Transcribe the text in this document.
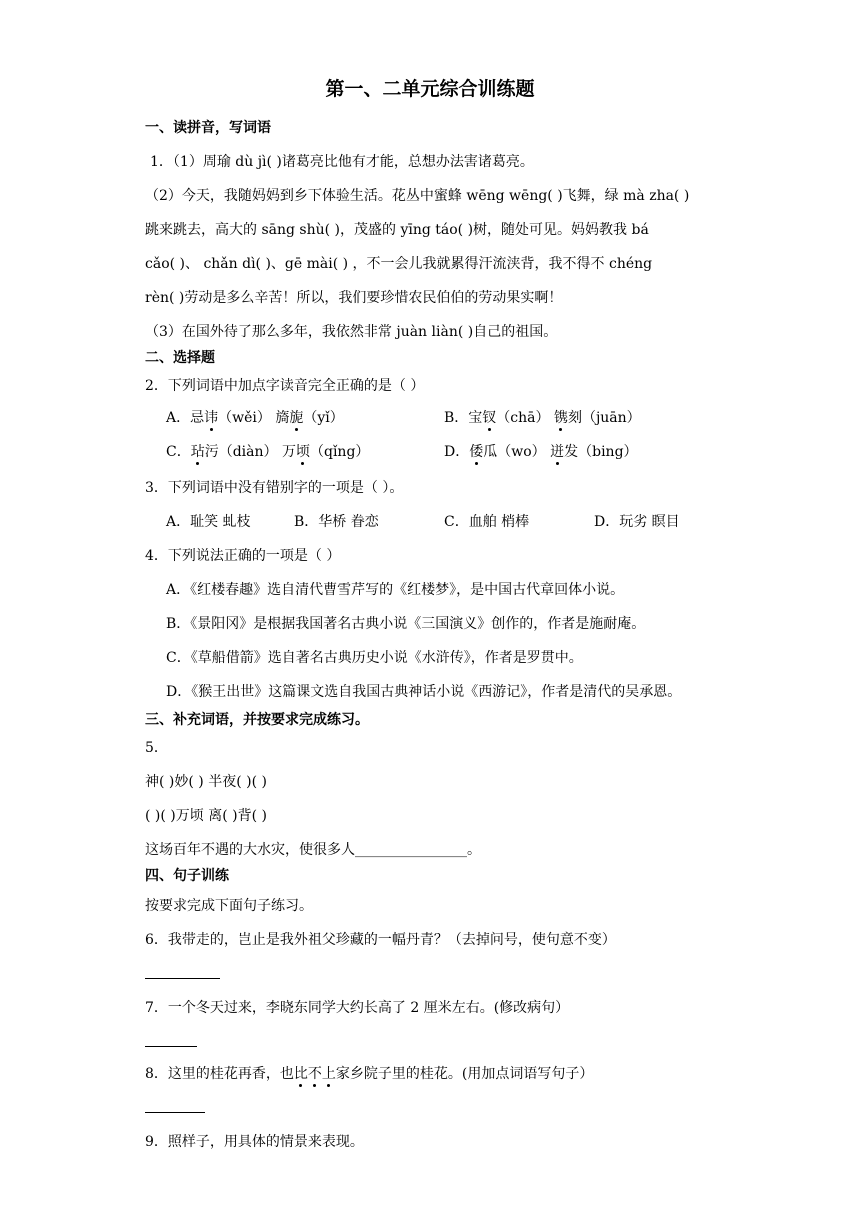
第一、二单元综合训练题
一、读拼音，写词语
1．（1）周瑜 dù jì( )诸葛亮比他有才能，总想办法害诸葛亮。
（2）今天，我随妈妈到乡下体验生活。花丛中蜜蜂 wēng wēng( )飞舞，绿 mà zha( )
跳来跳去，高大的 sāng shù( )，茂盛的 yīng táo( )树，随处可见。妈妈教我 bá
cǎo( )、 chǎn dì( )、gē mài( ) ，不一会儿我就累得汗流浃背，我不得不 chéng
rèn( )劳动是多么辛苦！所以，我们要珍惜农民伯伯的劳动果实啊！
（3）在国外待了那么多年，我依然非常 juàn liàn( )自己的祖国。
二、选择题
2．下列词语中加点字读音完全正确的是（ ）
A．忌讳（wěi） 旖旎（yǐ）	B．宝钗（chā） 镌刻（juān）
C．玷污（diàn） 万顷（qǐng）	D．倭瓜（wo） 迸发（bing）
3．下列词语中没有错别字的一项是（ ）。
A．耻笑 虬枝	B．华桥 眷恋	C．血舶 梢棒	D．玩劣 瞑目
4．下列说法正确的一项是（ ）
A．《红楼春趣》选自清代曹雪芹写的《红楼梦》，是中国古代章回体小说。
B．《景阳冈》是根据我国著名古典小说《三国演义》创作的，作者是施耐庵。
C．《草船借箭》选自著名古典历史小说《水浒传》，作者是罗贯中。
D．《猴王出世》这篇课文选自我国古典神话小说《西游记》，作者是清代的吴承恩。
三、补充词语，并按要求完成练习。
5．
神( )妙( ) 半夜( )( )
( )( )万顷 离( )背( )
这场百年不遇的大水灾，使很多人________________。
四、句子训练
按要求完成下面句子练习。
6．我带走的，岂止是我外祖父珍藏的一幅丹青？（去掉问号，使句意不变）
7．一个冬天过来，李晓东同学大约长高了 2 厘米左右。(修改病句）
8．这里的桂花再香，也比不上家乡院子里的桂花。(用加点词语写句子）
9．照样子，用具体的情景来表现。
